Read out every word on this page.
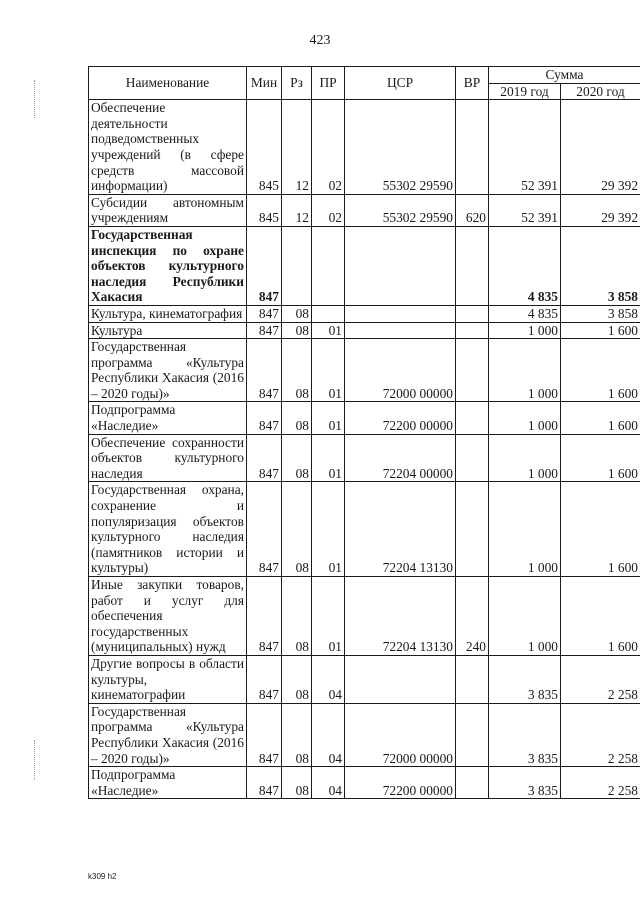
423
Наименование	Мин	Рз	ПР	ЦСР	ВР	Сумма	
						2019 год	2020 год
Обеспечение деятельности подведомственных учреждений (в сфере средств массовой информации)	845	12	02	55302 29590		52 391	29 392
Субсидии автономным учреждениям	845	12	02	55302 29590	620	52 391	29 392
Государственная инспекция по охране объектов культурного наследия Республики Хакасия	847					4 835	3 858
Культура, кинематография	847	08				4 835	3 858
Культура	847	08	01			1 000	1 600
Государственная программа «Культура Республики Хакасия (2016 – 2020 годы)»	847	08	01	72000 00000		1 000	1 600
Подпрограмма «Наследие»	847	08	01	72200 00000		1 000	1 600
Обеспечение сохранности объектов культурного наследия	847	08	01	72204 00000		1 000	1 600
Государственная охрана, сохранение и популяризация объектов культурного наследия (памятников истории и культуры)	847	08	01	72204 13130		1 000	1 600
Иные закупки товаров, работ и услуг для обеспечения государственных (муниципальных) нужд	847	08	01	72204 13130	240	1 000	1 600
Другие вопросы в области культуры, кинематографии	847	08	04			3 835	2 258
Государственная программа «Культура Республики Хакасия (2016 – 2020 годы)»	847	08	04	72000 00000		3 835	2 258
Подпрограмма «Наследие»	847	08	04	72200 00000		3 835	2 258
k309 h2
